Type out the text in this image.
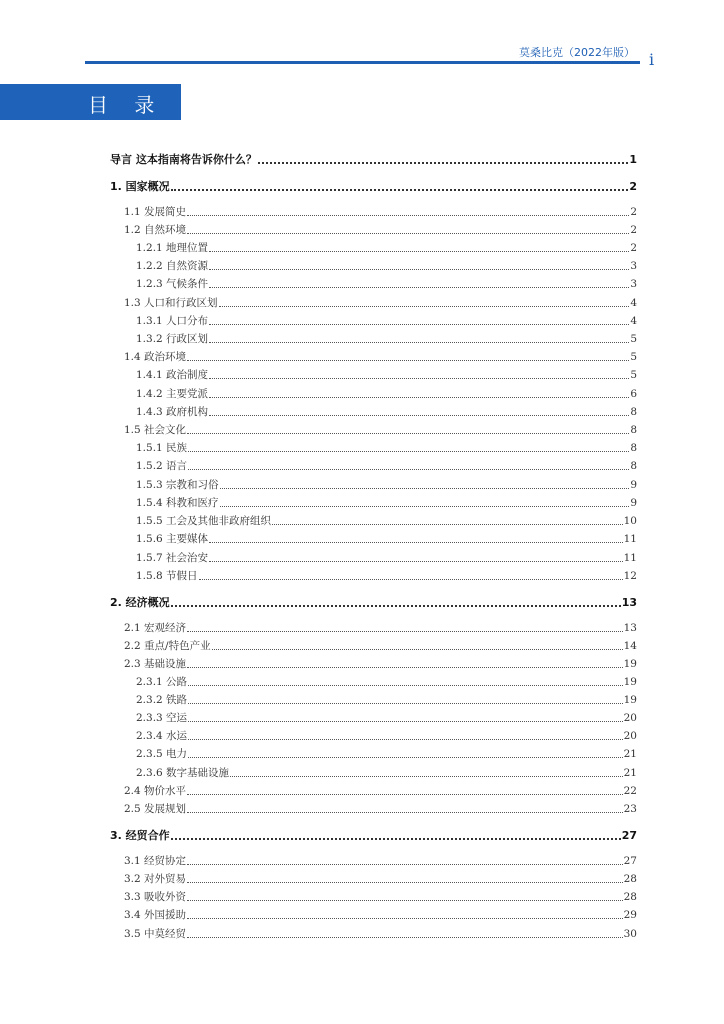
莫桑比克（2022年版） i
目 录
导言 这本指南将告诉你什么？	1
1. 国家概况	2
1.1 发展简史	2
1.2 自然环境	2
1.2.1 地理位置	2
1.2.2 自然资源	3
1.2.3 气候条件	3
1.3 人口和行政区划	4
1.3.1 人口分布	4
1.3.2 行政区划	5
1.4 政治环境	5
1.4.1 政治制度	5
1.4.2 主要党派	6
1.4.3 政府机构	8
1.5 社会文化	8
1.5.1 民族	8
1.5.2 语言	8
1.5.3 宗教和习俗	9
1.5.4 科教和医疗	9
1.5.5 工会及其他非政府组织	10
1.5.6 主要媒体	11
1.5.7 社会治安	11
1.5.8 节假日	12
2. 经济概况	13
2.1 宏观经济	13
2.2 重点/特色产业	14
2.3 基础设施	19
2.3.1 公路	19
2.3.2 铁路	19
2.3.3 空运	20
2.3.4 水运	20
2.3.5 电力	21
2.3.6 数字基础设施	21
2.4 物价水平	22
2.5 发展规划	23
3. 经贸合作	27
3.1 经贸协定	27
3.2 对外贸易	28
3.3 吸收外资	28
3.4 外国援助	29
3.5 中莫经贸	30
